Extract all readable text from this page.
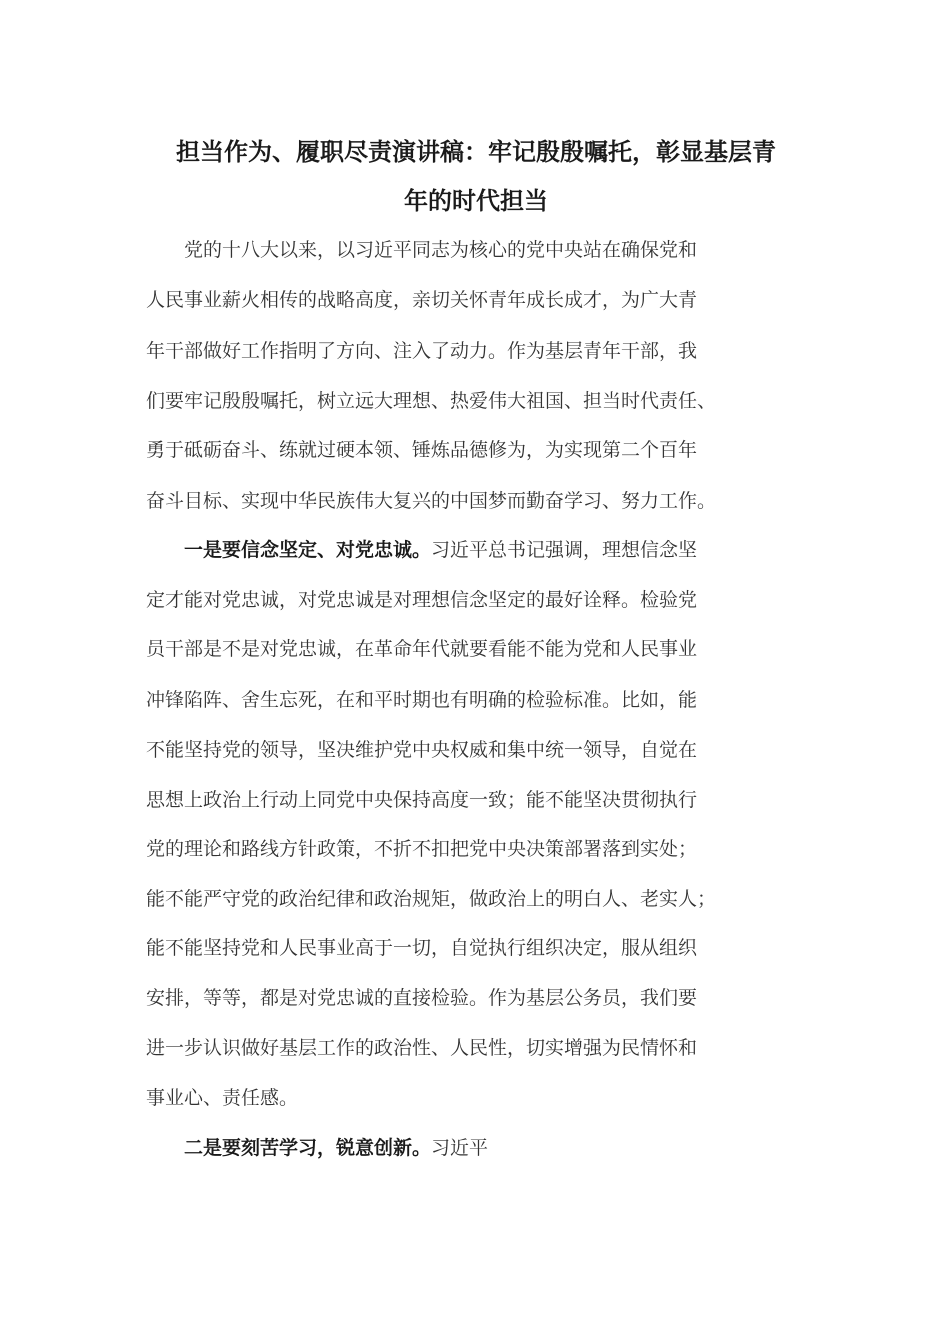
担当作为、履职尽责演讲稿：牢记殷殷嘱托，彰显基层青
年的时代担当

　　党的十八大以来，以习近平同志为核心的党中央站在确保党和

人民事业薪火相传的战略高度，亲切关怀青年成长成才，为广大青

年干部做好工作指明了方向、注入了动力。作为基层青年干部，我

们要牢记殷殷嘱托，树立远大理想、热爱伟大祖国、担当时代责任、

勇于砥砺奋斗、练就过硬本领、锤炼品德修为，为实现第二个百年

奋斗目标、实现中华民族伟大复兴的中国梦而勤奋学习、努力工作。

　　一是要信念坚定、对党忠诚。习近平总书记强调，理想信念坚

定才能对党忠诚，对党忠诚是对理想信念坚定的最好诠释。检验党

员干部是不是对党忠诚，在革命年代就要看能不能为党和人民事业

冲锋陷阵、舍生忘死，在和平时期也有明确的检验标准。比如，能

不能坚持党的领导，坚决维护党中央权威和集中统一领导，自觉在

思想上政治上行动上同党中央保持高度一致；能不能坚决贯彻执行

党的理论和路线方针政策，不折不扣把党中央决策部署落到实处；

能不能严守党的政治纪律和政治规矩，做政治上的明白人、老实人；

能不能坚持党和人民事业高于一切，自觉执行组织决定，服从组织

安排，等等，都是对党忠诚的直接检验。作为基层公务员，我们要

进一步认识做好基层工作的政治性、人民性，切实增强为民情怀和

事业心、责任感。

　　二是要刻苦学习，锐意创新。习近平
